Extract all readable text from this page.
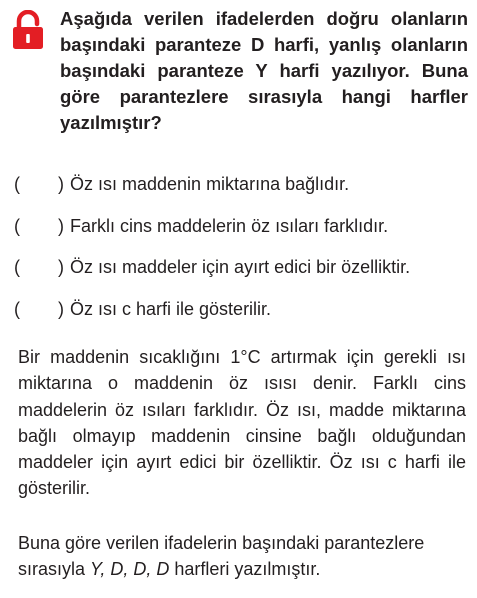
Aşağıda verilen ifadelerden doğru olanların başındaki paranteze D harfi, yanlış olanların başındaki paranteze Y harfi yazılıyor. Buna göre parantezlere sırasıyla hangi harfler yazılmıştır?

(	) Öz ısı maddenin miktarına bağlıdır.
(	) Farklı cins maddelerin öz ısıları farklıdır.
(	) Öz ısı maddeler için ayırt edici bir özelliktir.
(	) Öz ısı c harfi ile gösterilir.

Bir maddenin sıcaklığını 1°C artırmak için gerekli ısı miktarına o maddenin öz ısısı denir. Farklı cins maddelerin öz ısıları farklıdır. Öz ısı, madde miktarına bağlı olmayıp maddenin cinsine bağlı olduğundan maddeler için ayırt edici bir özelliktir. Öz ısı c harfi ile gösterilir.

Buna göre verilen ifadelerin başındaki parantezlere sırasıyla Y, D, D, D harfleri yazılmıştır.
